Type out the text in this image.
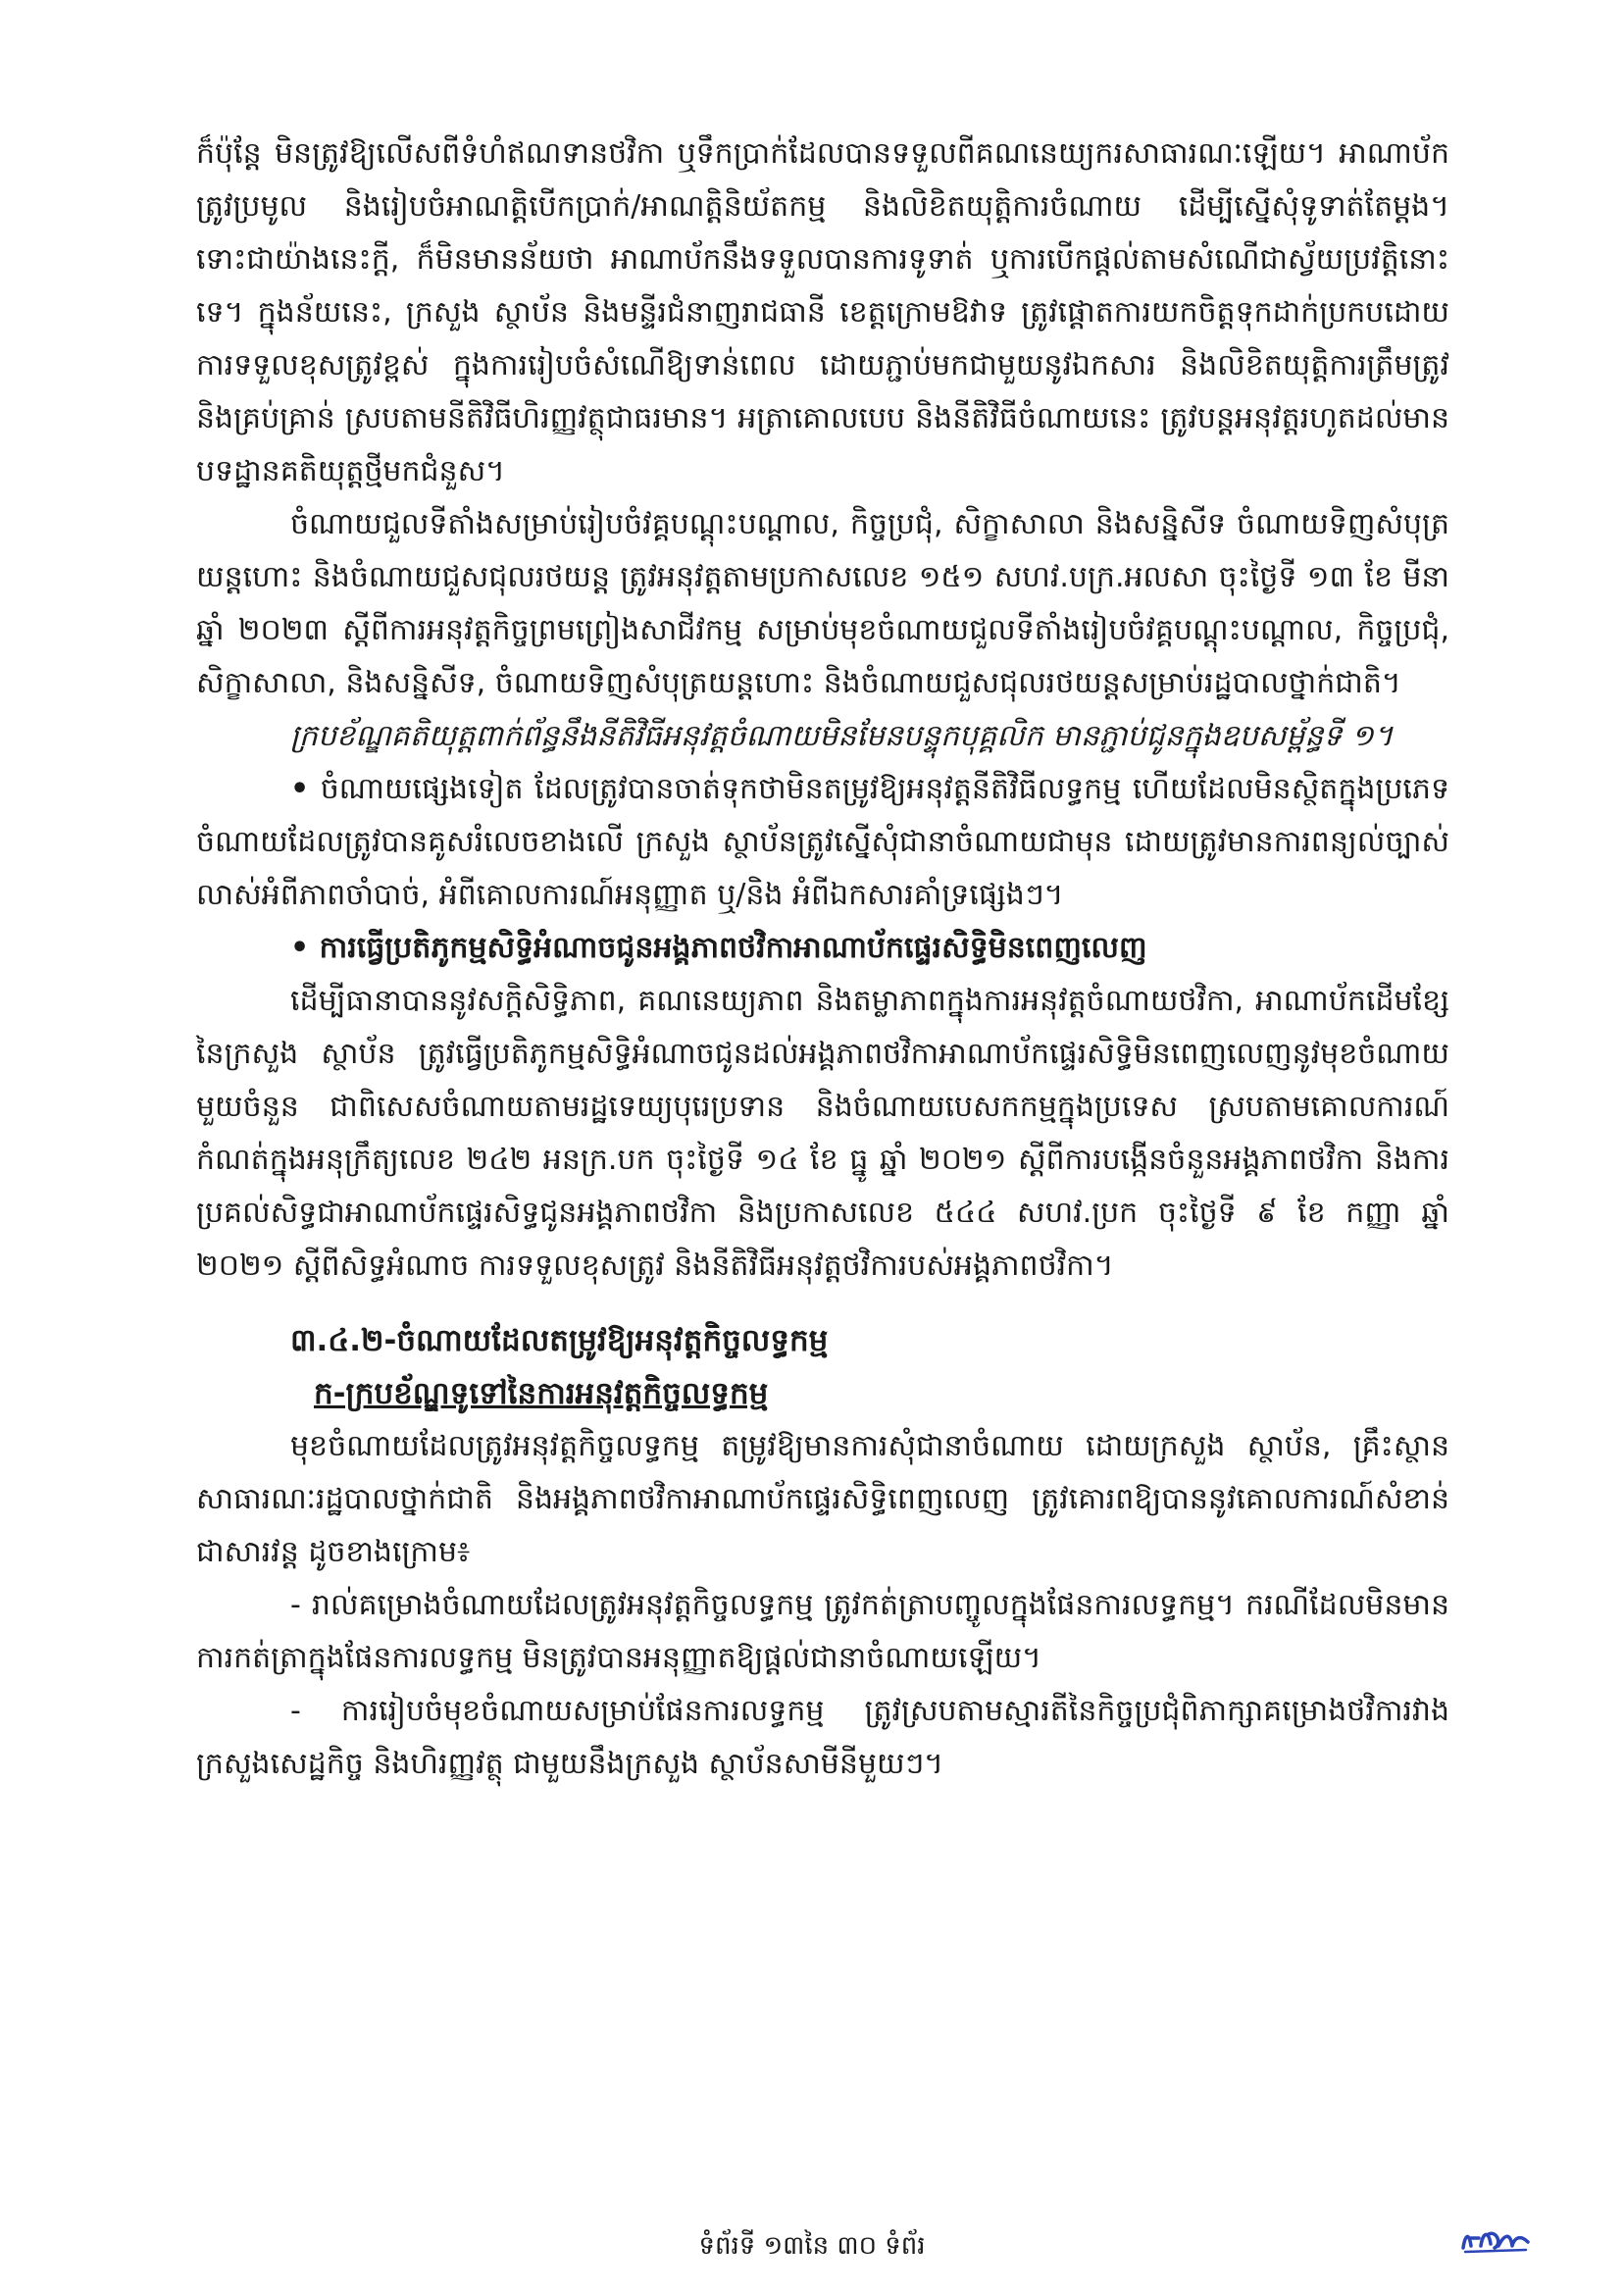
ក៏ប៉ុន្តែ មិនត្រូវឱ្យលើសពីទំហំឥណទានថវិកា ឬទឹកប្រាក់ដែលបានទទួលពីគណនេយ្យករសាធារណៈឡើយ។ អាណាប័កត្រូវប្រមូល និងរៀបចំអាណត្តិបើកប្រាក់/អាណត្តិនិយ័តកម្ម និងលិខិតយុត្តិការចំណាយ ដើម្បីស្នើសុំទូទាត់តែម្តង។ ទោះជាយ៉ាងនេះក្តី, ក៏មិនមានន័យថា អាណាប័កនឹងទទួលបានការទូទាត់ ឬការបើកផ្តល់តាមសំណើជាស្វ័យប្រវត្តិនោះទេ។ ក្នុងន័យនេះ, ក្រសួង ស្ថាប័ន និងមន្ទីរជំនាញរាជធានី ខេត្តក្រោមឱវាទ ត្រូវផ្តោតការយកចិត្តទុកដាក់ប្រកបដោយការទទួលខុសត្រូវខ្ពស់ ក្នុងការរៀបចំសំណើឱ្យទាន់ពេល ដោយភ្ជាប់មកជាមួយនូវឯកសារ និងលិខិតយុត្តិការត្រឹមត្រូវ និងគ្រប់គ្រាន់ ស្របតាមនីតិវិធីហិរញ្ញវត្ថុជាធរមាន។ អត្រាគោលបេប និងនីតិវិធីចំណាយនេះ ត្រូវបន្តអនុវត្តរហូតដល់មានបទដ្ឋានគតិយុត្តថ្មីមកជំនួស។

ចំណាយជួលទីតាំងសម្រាប់រៀបចំវគ្គបណ្តុះបណ្តាល, កិច្ចប្រជុំ, សិក្ខាសាលា និងសន្និសីទ ចំណាយទិញសំបុត្រយន្តហោះ និងចំណាយជួសជុលរថយន្ត ត្រូវអនុវត្តតាមប្រកាសលេខ ១៥១ សហវ.បក្រ.អលសា ចុះថ្ងៃទី ១៣ ខែ មីនា ឆ្នាំ ២០២៣ ស្តីពីការអនុវត្តកិច្ចព្រមព្រៀងសាជីវកម្ម សម្រាប់មុខចំណាយជួលទីតាំងរៀបចំវគ្គបណ្តុះបណ្តាល, កិច្ចប្រជុំ, សិក្ខាសាលា, និងសន្និសីទ, ចំណាយទិញសំបុត្រយន្តហោះ និងចំណាយជួសជុលរថយន្តសម្រាប់រដ្ឋបាលថ្នាក់ជាតិ។

ក្របខ័ណ្ឌគតិយុត្តពាក់ព័ន្ធនឹងនីតិវិធីអនុវត្តចំណាយមិនមែនបន្ទុកបុគ្គលិក មានភ្ជាប់ជូនក្នុងឧបសម្ព័ន្ធទី ១។

• ចំណាយផ្សេងទៀត ដែលត្រូវបានចាត់ទុកថាមិនតម្រូវឱ្យអនុវត្តនីតិវិធីលទ្ធកម្ម ហើយដែលមិនស្ថិតក្នុងប្រភេទចំណាយដែលត្រូវបានគូសរំលេចខាងលើ ក្រសួង ស្ថាប័នត្រូវស្នើសុំជានាចំណាយជាមុន ដោយត្រូវមានការពន្យល់ច្បាស់លាស់អំពីភាពចាំបាច់, អំពីគោលការណ៍អនុញ្ញាត ឬ/និង អំពីឯកសារគាំទ្រផ្សេងៗ។

• ការធ្វើប្រតិភូកម្មសិទ្ធិអំណាចជូនអង្គភាពថវិកាអាណាប័កផ្ទេរសិទ្ធិមិនពេញលេញ

ដើម្បីធានាបាននូវសក្តិសិទ្ធិភាព, គណនេយ្យភាព និងតម្លាភាពក្នុងការអនុវត្តចំណាយថវិកា, អាណាប័កដើមខ្សែនៃក្រសួង ស្ថាប័ន ត្រូវធ្វើប្រតិភូកម្មសិទ្ធិអំណាចជូនដល់អង្គភាពថវិកាអាណាប័កផ្ទេរសិទ្ធិមិនពេញលេញនូវមុខចំណាយមួយចំនួន ជាពិសេសចំណាយតាមរដ្ឋទេយ្យបុរេប្រទាន និងចំណាយបេសកកម្មក្នុងប្រទេស ស្របតាមគោលការណ៍កំណត់ក្នុងអនុក្រឹត្យលេខ ២៤២ អនក្រ.បក ចុះថ្ងៃទី ១៤ ខែ ធ្នូ ឆ្នាំ ២០២១ ស្តីពីការបង្កើនចំនួនអង្គភាពថវិកា និងការប្រគល់សិទ្ធជាអាណាប័កផ្ទេរសិទ្ធជូនអង្គភាពថវិកា និងប្រកាសលេខ ៥៤៤ សហវ.ប្រក ចុះថ្ងៃទី ៩ ខែ កញ្ញា ឆ្នាំ ២០២១ ស្តីពីសិទ្ធអំណាច ការទទួលខុសត្រូវ និងនីតិវិធីអនុវត្តថវិការបស់អង្គភាពថវិកា។

៣.៤.២-ចំណាយដែលតម្រូវឱ្យអនុវត្តកិច្ចលទ្ធកម្ម

ក-ក្របខ័ណ្ឌទូទៅនៃការអនុវត្តកិច្ចលទ្ធកម្ម

មុខចំណាយដែលត្រូវអនុវត្តកិច្ចលទ្ធកម្ម តម្រូវឱ្យមានការសុំជានាចំណាយ ដោយក្រសួង ស្ថាប័ន, គ្រឹះស្ថានសាធារណៈរដ្ឋបាលថ្នាក់ជាតិ និងអង្គភាពថវិកាអាណាប័កផ្ទេរសិទ្ធិពេញលេញ ត្រូវគោរពឱ្យបាននូវគោលការណ៍សំខាន់ជាសារវន្ត ដូចខាងក្រោម៖

- រាល់គម្រោងចំណាយដែលត្រូវអនុវត្តកិច្ចលទ្ធកម្ម ត្រូវកត់ត្រាបញ្ចូលក្នុងផែនការលទ្ធកម្ម។ ករណីដែលមិនមានការកត់ត្រាក្នុងផែនការលទ្ធកម្ម មិនត្រូវបានអនុញ្ញាតឱ្យផ្តល់ជានាចំណាយឡើយ។

- ការរៀបចំមុខចំណាយសម្រាប់ផែនការលទ្ធកម្ម ត្រូវស្របតាមស្មារតីនៃកិច្ចប្រជុំពិភាក្សាគម្រោងថវិការវាងក្រសួងសេដ្ឋកិច្ច និងហិរញ្ញវត្ថុ ជាមួយនឹងក្រសួង ស្ថាប័នសាមីនីមួយៗ។

ទំព័រទី ១៣នៃ ៣០ ទំព័រ
